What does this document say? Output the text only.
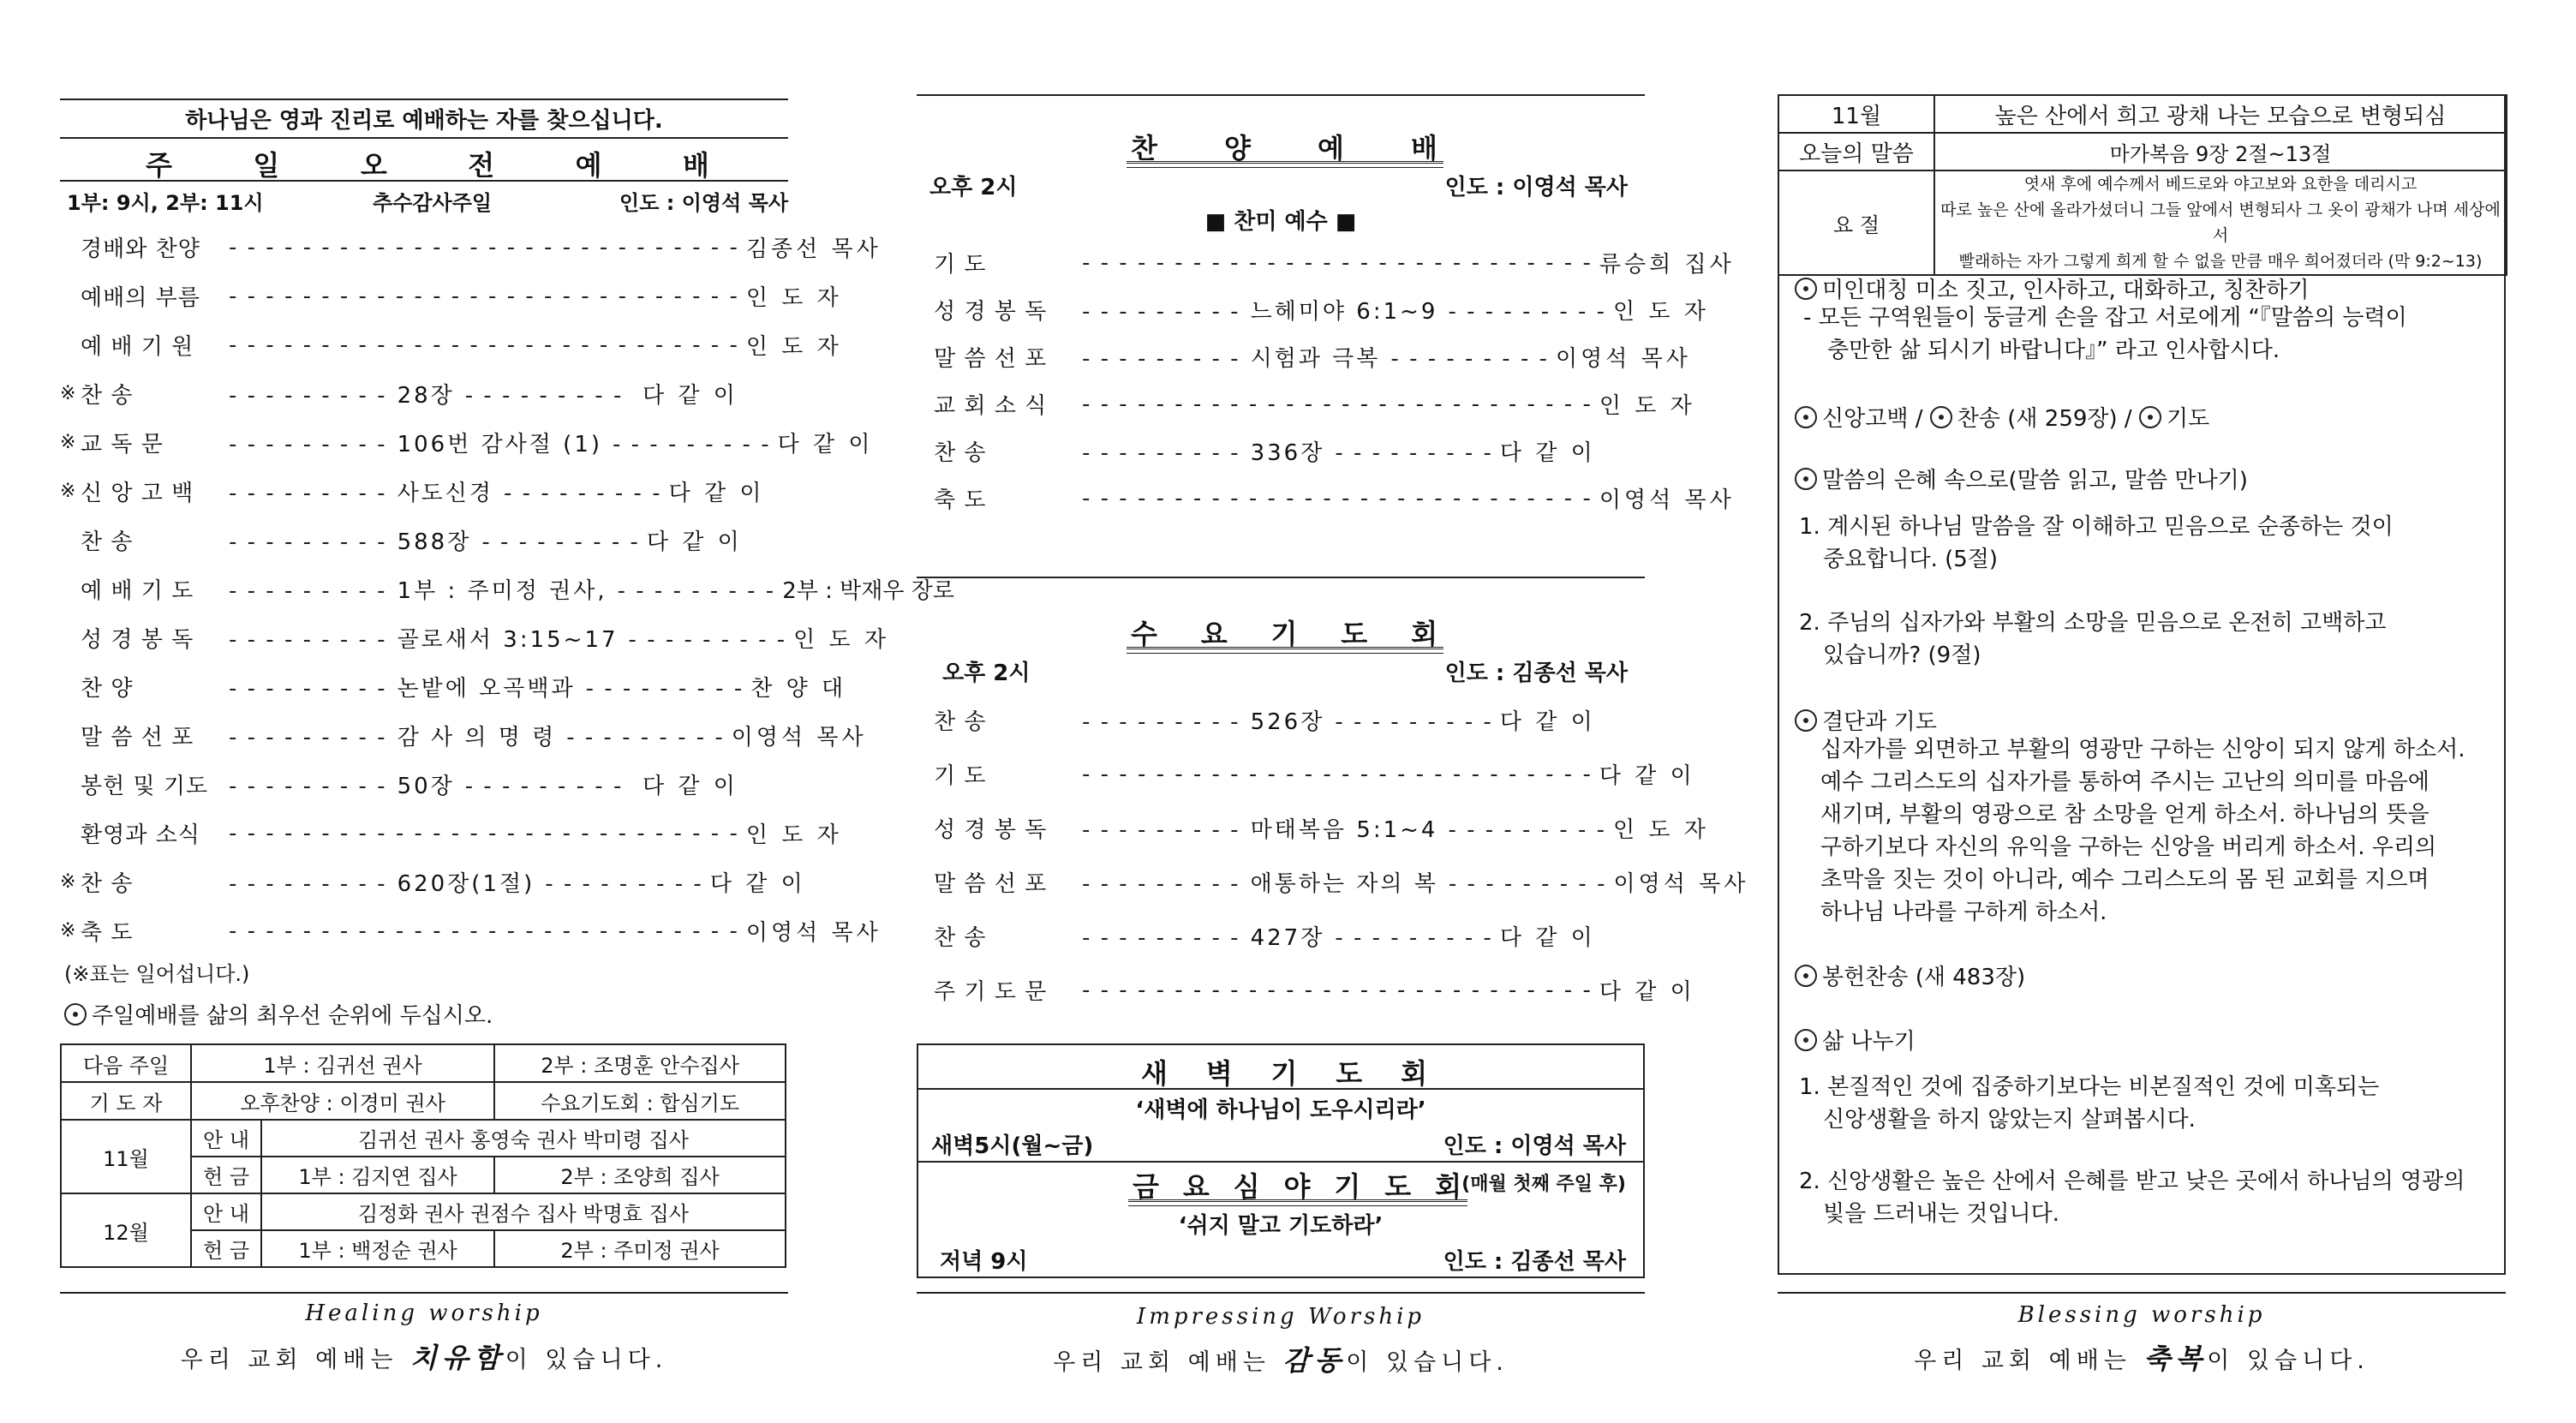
하나님은 영과 진리로 예배하는 자를 찾으십니다.
주	일	오	전	예	배
1부: 9시, 2부: 11시	추수감사주일	인도 : 이영석 목사
경배와 찬양	- - - - - - - - - - - - - - - - - - - - - - - - - - - - 김종선 목사
예배의 부름	- - - - - - - - - - - - - - - - - - - - - - - - - - - - 인 도 자
예 배 기 원	- - - - - - - - - - - - - - - - - - - - - - - - - - - - 인 도 자
※ 찬 송	- - - - - - - - - 28장 - - - - - - - - - 다 같 이
※ 교 독 문	- - - - - - - - - 106번 감사절 (1) - - - - - - - - - 다 같 이
※ 신 앙 고 백	- - - - - - - - - 사도신경 - - - - - - - - - 다 같 이
찬 송	- - - - - - - - - 588장 - - - - - - - - - 다 같 이
예 배 기 도	- - - - - - - - - 1부 : 주미정 권사, - - - - - - - - - 2부 : 박재우 장로
성 경 봉 독	- - - - - - - - - 골로새서 3:15~17 - - - - - - - - - 인 도 자
찬 양	- - - - - - - - - 논밭에 오곡백과 - - - - - - - - - 찬 양 대
말 씀 선 포	- - - - - - - - - 감 사 의 명 령 - - - - - - - - - 이영석 목사
봉헌 및 기도 - - - - - - - - - 50장 - - - - - - - - - 다 같 이
환영과 소식	- - - - - - - - - - - - - - - - - - - - - - - - - - - - 인 도 자
※ 찬 송	- - - - - - - - - 620장(1절) - - - - - - - - - 다 같 이
※ 축 도	- - - - - - - - - - - - - - - - - - - - - - - - - - - - 이영석 목사
(※표는 일어섭니다.)
주일예배를 삶의 최우선 순위에 두십시오.
다음 주일	1부 : 김귀선 권사		2부 : 조명훈 안수집사
기 도 자	오후찬양 : 이경미 권사		수요기도회 : 합심기도
11월	안 내	김귀선 권사 홍영숙 권사 박미령 집사	
	헌 금	1부 : 김지연 집사	2부 : 조양희 집사
12월	안 내	김정화 권사 권점수 집사 박명효 집사	
	헌 금	1부 : 백정순 권사	2부 : 주미정 권사
Healing worship
우리 교회 예배는 치유함이 있습니다.
찬 양 예 배
오후 2시	인도 : 이영석 목사
■ 찬미 예수 ■
기 도	- - - - - - - - - - - - - - - - - - - - - - - - - - - - 류승희 집사
성 경 봉 독	- - - - - - - - - 느헤미야 6:1~9 - - - - - - - - - 인 도 자
말 씀 선 포	- - - - - - - - - 시험과 극복 - - - - - - - - - 이영석 목사
교 회 소 식	- - - - - - - - - - - - - - - - - - - - - - - - - - - - 인 도 자
찬 송	- - - - - - - - - 336장 - - - - - - - - - 다 같 이
축 도	- - - - - - - - - - - - - - - - - - - - - - - - - - - - 이영석 목사
수 요 기 도 회
오후 2시	인도 : 김종선 목사
찬 송	- - - - - - - - - 526장 - - - - - - - - - 다 같 이
기 도	- - - - - - - - - - - - - - - - - - - - - - - - - - - - 다 같 이
성 경 봉 독	- - - - - - - - - 마태복음 5:1~4 - - - - - - - - - 인 도 자
말 씀 선 포	- - - - - - - - - 애통하는 자의 복 - - - - - - - - - 이영석 목사
찬 송	- - - - - - - - - 427장 - - - - - - - - - 다 같 이
주 기 도 문	- - - - - - - - - - - - - - - - - - - - - - - - - - - - 다 같 이
새 벽 기 도 회
‘새벽에 하나님이 도우시리라’
새벽5시(월~금)	인도 : 이영석 목사
금 요 심 야 기 도 회
(매월 첫째 주일 후)
‘쉬지 말고 기도하라’
저녁 9시	인도 : 김종선 목사
Impressing Worship
우리 교회 예배는 감동이 있습니다.
11월	높은 산에서 희고 광채 나는 모습으로 변형되심
오늘의 말씀	마가복음 9장 2절~13절
요 절	엿새 후에 예수께서 베드로와 야고보와 요한을 데리시고
따로 높은 산에 올라가셨더니 그들 앞에서 변형되사 그 옷이 광채가 나며 세상에서
빨래하는 자가 그렇게 희게 할 수 없을 만큼 매우 희어졌더라 (막 9:2~13)
미인대칭 미소 짓고, 인사하고, 대화하고, 칭찬하기
- 모든 구역원들이 둥글게 손을 잡고 서로에게 “『말씀의 능력이
충만한 삶 되시기 바랍니다』” 라고 인사합시다.
신앙고백 / 찬송 (새 259장) / 기도
말씀의 은혜 속으로(말씀 읽고, 말씀 만나기)
1. 계시된 하나님 말씀을 잘 이해하고 믿음으로 순종하는 것이
중요합니다. (5절)
2. 주님의 십자가와 부활의 소망을 믿음으로 온전히 고백하고
있습니까? (9절)
결단과 기도
십자가를 외면하고 부활의 영광만 구하는 신앙이 되지 않게 하소서.
예수 그리스도의 십자가를 통하여 주시는 고난의 의미를 마음에
새기며, 부활의 영광으로 참 소망을 얻게 하소서. 하나님의 뜻을
구하기보다 자신의 유익을 구하는 신앙을 버리게 하소서. 우리의
초막을 짓는 것이 아니라, 예수 그리스도의 몸 된 교회를 지으며
하나님 나라를 구하게 하소서.
봉헌찬송 (새 483장)
삶 나누기
1. 본질적인 것에 집중하기보다는 비본질적인 것에 미혹되는
신앙생활을 하지 않았는지 살펴봅시다.
2. 신앙생활은 높은 산에서 은혜를 받고 낮은 곳에서 하나님의 영광의
빛을 드러내는 것입니다.
Blessing worship
우리 교회 예배는 축복이 있습니다.
